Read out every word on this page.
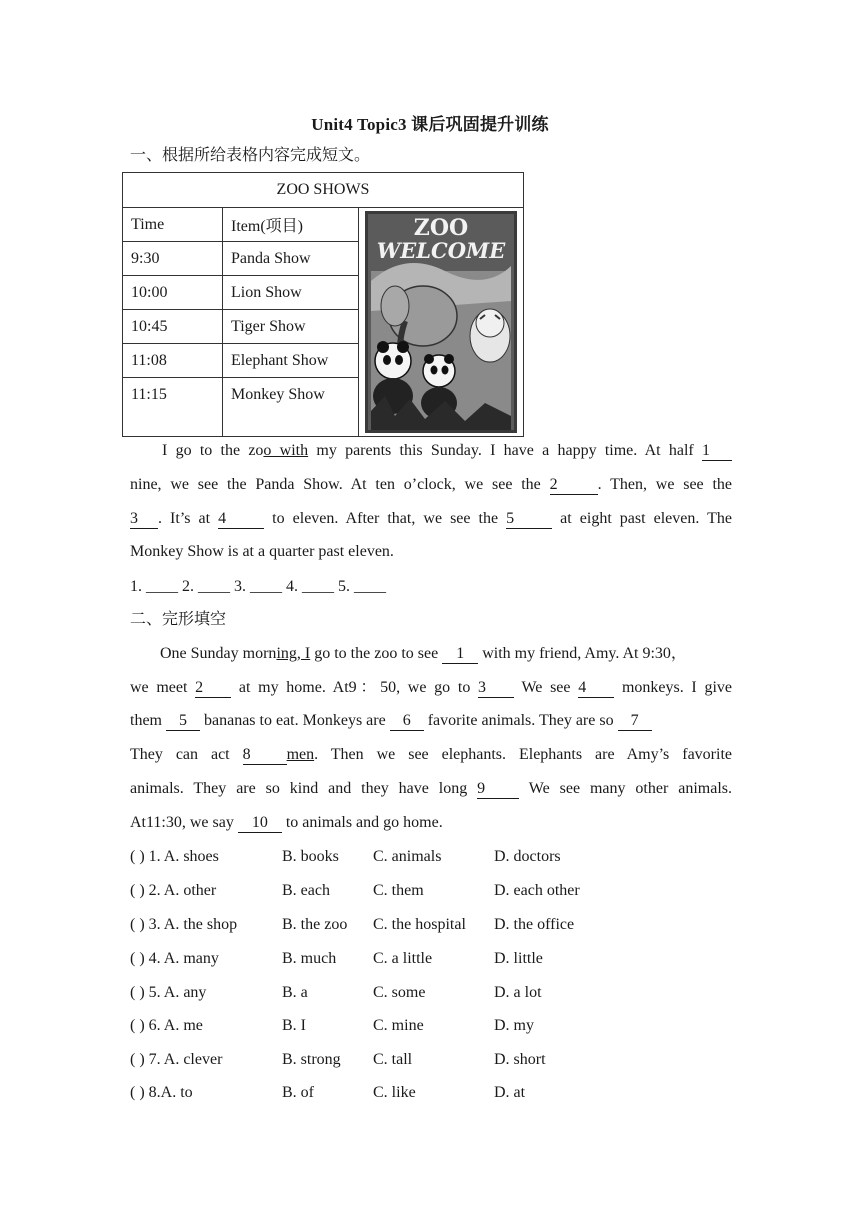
Unit4 Topic3 课后巩固提升训练
一、根据所给表格内容完成短文。
ZOO SHOWS		
Time	Item(项目)	ZOO
WELCOME

9:30	Panda Show	
10:00	Lion Show	
10:45	Tiger Show	
11:08	Elephant Show	
11:15	Monkey Show	
I go to the zoo with my parents this Sunday. I have a happy time. At half 1
nine, we see the Panda Show. At ten o’clock, we see the 2	. Then, we see the
3 . It’s at 4 to eleven. After that, we see the 5 at eight past eleven. The
Monkey Show is at a quarter past eleven.
1. ____ 2. ____ 3. ____ 4. ____ 5. ____
二、完形填空
One Sunday morning, I go to the zoo to see 1 with my friend, Amy. At 9:30，
we meet 2 at my home. At9：50, we go to 3 We see 4 monkeys. I give
them 5 bananas to eat. Monkeys are 6 favorite animals. They are so 7
They can act 8 men. Then we see elephants. Elephants are Amy’s favorite
animals. They are so kind and they have long 9 We see many other animals.
At11:30, we say 10 to animals and go home.
( ) 1. A. shoes	B. books C. animals	D. doctors
( ) 2. A. other	B. each	C. them	D. each other
( ) 3. A. the shop	B. the zoo C. the hospital D. the office
( ) 4. A. many	B. much C. a little	D. little
( ) 5. A. any	B. a	C. some	D. a lot
( ) 6. A. me	B. I	C. mine	D. my
( ) 7. A. clever	B. strong C. tall	D. short
( ) 8.A. to	B. of	C. like	D. at
